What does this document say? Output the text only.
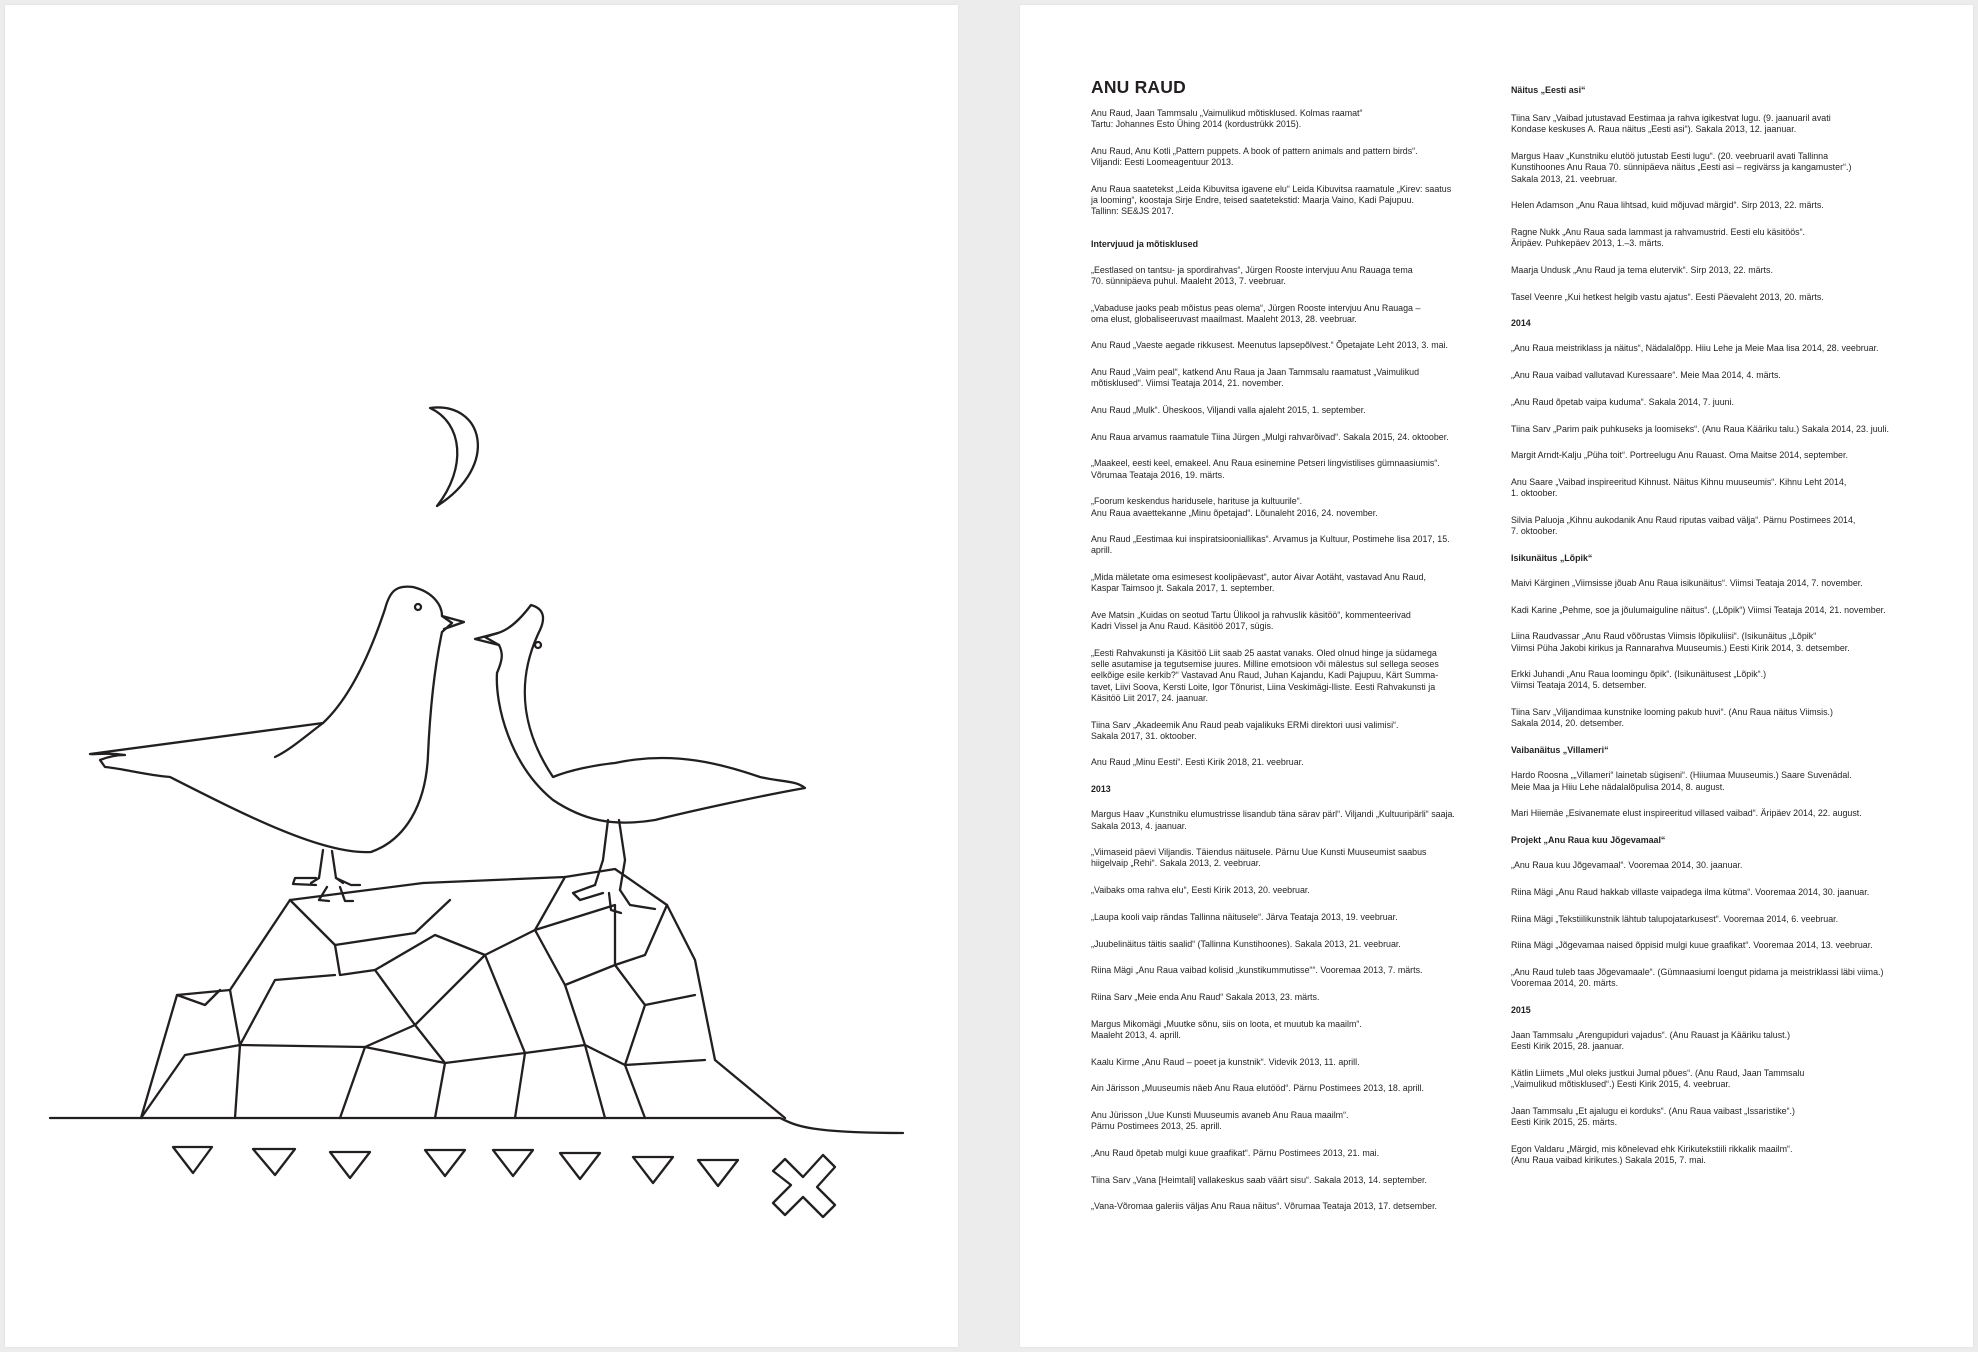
ANU RAUD

Anu Raud, Jaan Tammsalu „Vaimulikud mõtisklused. Kolmas raamat“
Tartu: Johannes Esto Ühing 2014 (kordustrükk 2015).

Anu Raud, Anu Kotli „Pattern puppets. A book of pattern animals and pattern birds“.
Viljandi: Eesti Loomeagentuur 2013.

Anu Raua saatetekst „Leida Kibuvitsa igavene elu“ Leida Kibuvitsa raamatule „Kirev: saatus
ja looming“, koostaja Sirje Endre, teised saatetekstid: Maarja Vaino, Kadi Pajupuu.
Tallinn: SE&JS 2017.

Intervjuud ja mõtisklused

„Eestlased on tantsu- ja spordirahvas“, Jürgen Rooste intervjuu Anu Rauaga tema
70. sünnipäeva puhul. Maaleht 2013, 7. veebruar.

„Vabaduse jaoks peab mõistus peas olema“, Jürgen Rooste intervjuu Anu Rauaga –
oma elust, globaliseeruvast maailmast. Maaleht 2013, 28. veebruar.

Anu Raud „Vaeste aegade rikkusest. Meenutus lapsepõlvest.“ Õpetajate Leht 2013, 3. mai.

Anu Raud „Vaim peal“, katkend Anu Raua ja Jaan Tammsalu raamatust „Vaimulikud
mõtisklused“. Viimsi Teataja 2014, 21. november.

Anu Raud „Mulk“. Üheskoos, Viljandi valla ajaleht 2015, 1. september.

Anu Raua arvamus raamatule Tiina Jürgen „Mulgi rahvarõivad“. Sakala 2015, 24. oktoober.

„Maakeel, eesti keel, emakeel. Anu Raua esinemine Petseri lingvistilises gümnaasiumis“.
Võrumaa Teataja 2016, 19. märts.

„Foorum keskendus haridusele, harituse ja kultuurile“.
Anu Raua avaettekanne „Minu õpetajad“. Lõunaleht 2016, 24. november.

Anu Raud „Eestimaa kui inspiratsiooniallikas“. Arvamus ja Kultuur, Postimehe lisa 2017, 15. aprill.

„Mida mäletate oma esimesest koolipäevast“, autor Aivar Aotäht, vastavad Anu Raud,
Kaspar Taimsoo jt. Sakala 2017, 1. september.

Ave Matsin „Kuidas on seotud Tartu Ülikool ja rahvuslik käsitöö“, kommenteerivad
Kadri Vissel ja Anu Raud. Käsitöö 2017, sügis.

„Eesti Rahvakunsti ja Käsitöö Liit saab 25 aastat vanaks. Oled olnud hinge ja südamega
selle asutamise ja tegutsemise juures. Milline emotsioon või mälestus sul sellega seoses
eelkõige esile kerkib?“ Vastavad Anu Raud, Juhan Kajandu, Kadi Pajupuu, Kärt Summa-
tavet, Liivi Soova, Kersti Loite, Igor Tõnurist, Liina Veskimägi-Iliste. Eesti Rahvakunsti ja
Käsitöö Liit 2017, 24. jaanuar.

Tiina Sarv „Akadeemik Anu Raud peab vajalikuks ERMi direktori uusi valimisi“.
Sakala 2017, 31. oktoober.

Anu Raud „Minu Eesti“. Eesti Kirik 2018, 21. veebruar.

2013

Margus Haav „Kunstniku elumustrisse lisandub täna särav pärl“. Viljandi „Kultuuripärli“ saaja.
Sakala 2013, 4. jaanuar.

„Viimaseid päevi Viljandis. Täiendus näitusele. Pärnu Uue Kunsti Muuseumist saabus
hiigelvaip „Rehi“. Sakala 2013, 2. veebruar.

„Vaibaks oma rahva elu“, Eesti Kirik 2013, 20. veebruar.

„Laupa kooli vaip rändas Tallinna näitusele“. Järva Teataja 2013, 19. veebruar.

„Juubelinäitus täitis saalid“ (Tallinna Kunstihoones). Sakala 2013, 21. veebruar.

Riina Mägi „Anu Raua vaibad kolisid „kunstikummutisse““. Vooremaa 2013, 7. märts.

Riina Sarv „Meie enda Anu Raud“ Sakala 2013, 23. märts.

Margus Mikomägi „Muutke sõnu, siis on loota, et muutub ka maailm“.
Maaleht 2013, 4. aprill.

Kaalu Kirme „Anu Raud – poeet ja kunstnik“. Videvik 2013, 11. aprill.

Ain Järisson „Muuseumis näeb Anu Raua elutööd“. Pärnu Postimees 2013, 18. aprill.

Anu Jürisson „Uue Kunsti Muuseumis avaneb Anu Raua maailm“.
Pärnu Postimees 2013, 25. aprill.

„Anu Raud õpetab mulgi kuue graafikat“. Pärnu Postimees 2013, 21. mai.

Tiina Sarv „Vana [Heimtali] vallakeskus saab väärt sisu“. Sakala 2013, 14. september.

„Vana-Võromaa galeriis väljas Anu Raua näitus“. Võrumaa Teataja 2013, 17. detsember.

Näitus „Eesti asi“

Tiina Sarv „Vaibad jutustavad Eestimaa ja rahva igikestvat lugu. (9. jaanuaril avati
Kondase keskuses A. Raua näitus „Eesti asi“). Sakala 2013, 12. jaanuar.

Margus Haav „Kunstniku elutöö jutustab Eesti lugu“. (20. veebruaril avati Tallinna
Kunstihoones Anu Raua 70. sünnipäeva näitus „Eesti asi – regivärss ja kangamuster“.)
Sakala 2013, 21. veebruar.

Helen Adamson „Anu Raua lihtsad, kuid mõjuvad märgid“. Sirp 2013, 22. märts.

Ragne Nukk „Anu Raua sada lammast ja rahvamustrid. Eesti elu käsitöös“.
Äripäev. Puhkepäev 2013, 1.–3. märts.

Maarja Undusk „Anu Raud ja tema elutervik“. Sirp 2013, 22. märts.

Tasel Veenre „Kui hetkest helgib vastu ajatus“. Eesti Päevaleht 2013, 20. märts.

2014

„Anu Raua meistriklass ja näitus“, Nädalalõpp. Hiiu Lehe ja Meie Maa lisa 2014, 28. veebruar.

„Anu Raua vaibad vallutavad Kuressaare“. Meie Maa 2014, 4. märts.

„Anu Raud õpetab vaipa kuduma“. Sakala 2014, 7. juuni.

Tiina Sarv „Parim paik puhkuseks ja loomiseks“. (Anu Raua Kääriku talu.) Sakala 2014, 23. juuli.

Margit Arndt-Kalju „Püha toit“. Portreelugu Anu Rauast. Oma Maitse 2014, september.

Anu Saare „Vaibad inspireeritud Kihnust. Näitus Kihnu muuseumis“. Kihnu Leht 2014,
1. oktoober.

Silvia Paluoja „Kihnu aukodanik Anu Raud riputas vaibad välja“. Pärnu Postimees 2014,
7. oktoober.

Isikunäitus „Lõpik“

Maivi Kärginen „Viimsisse jõuab Anu Raua isikunäitus“. Viimsi Teataja 2014, 7. november.

Kadi Karine „Pehme, soe ja jõulumaiguline näitus“. („Lõpik“) Viimsi Teataja 2014, 21. november.

Liina Raudvassar „Anu Raud võõrustas Viimsis lõpikuliisi“. (Isikunäitus „Lõpik“
Viimsi Püha Jakobi kirikus ja Rannarahva Muuseumis.) Eesti Kirik 2014, 3. detsember.

Erkki Juhandi „Anu Raua loomingu õpik“. (Isikunäitusest „Lõpik“.)
Viimsi Teataja 2014, 5. detsember.

Tiina Sarv „Viljandimaa kunstnike looming pakub huvi“. (Anu Raua näitus Viimsis.)
Sakala 2014, 20. detsember.

Vaibanäitus „Villameri“

Hardo Roosna „„Villameri“ lainetab sügiseni“. (Hiiumaa Muuseumis.) Saare Suvenädal.
Meie Maa ja Hiiu Lehe nädalalõpulisa 2014, 8. august.

Mari Hiiemäe „Esivanemate elust inspireeritud villased vaibad“. Äripäev 2014, 22. august.

Projekt „Anu Raua kuu Jõgevamaal“

„Anu Raua kuu Jõgevamaal“. Vooremaa 2014, 30. jaanuar.

Riina Mägi „Anu Raud hakkab villaste vaipadega ilma kütma“. Vooremaa 2014, 30. jaanuar.

Riina Mägi „Tekstiilikunstnik lähtub talupojatarkusest“. Vooremaa 2014, 6. veebruar.

Riina Mägi „Jõgevamaa naised õppisid mulgi kuue graafikat“. Vooremaa 2014, 13. veebruar.

„Anu Raud tuleb taas Jõgevamaale“. (Gümnaasiumi loengut pidama ja meistriklassi läbi viima.)
Vooremaa 2014, 20. märts.

2015

Jaan Tammsalu „Arengupiduri vajadus“. (Anu Rauast ja Kääriku talust.)
Eesti Kirik 2015, 28. jaanuar.

Kätlin Liimets „Mul oleks justkui Jumal põues“. (Anu Raud, Jaan Tammsalu
„Vaimulikud mõtisklused“.) Eesti Kirik 2015, 4. veebruar.

Jaan Tammsalu „Et ajalugu ei korduks“. (Anu Raua vaibast „Issaristike“.)
Eesti Kirik 2015, 25. märts.

Egon Valdaru „Märgid, mis kõnelevad ehk Kirikutekstiili rikkalik maailm“.
(Anu Raua vaibad kirikutes.) Sakala 2015, 7. mai.
